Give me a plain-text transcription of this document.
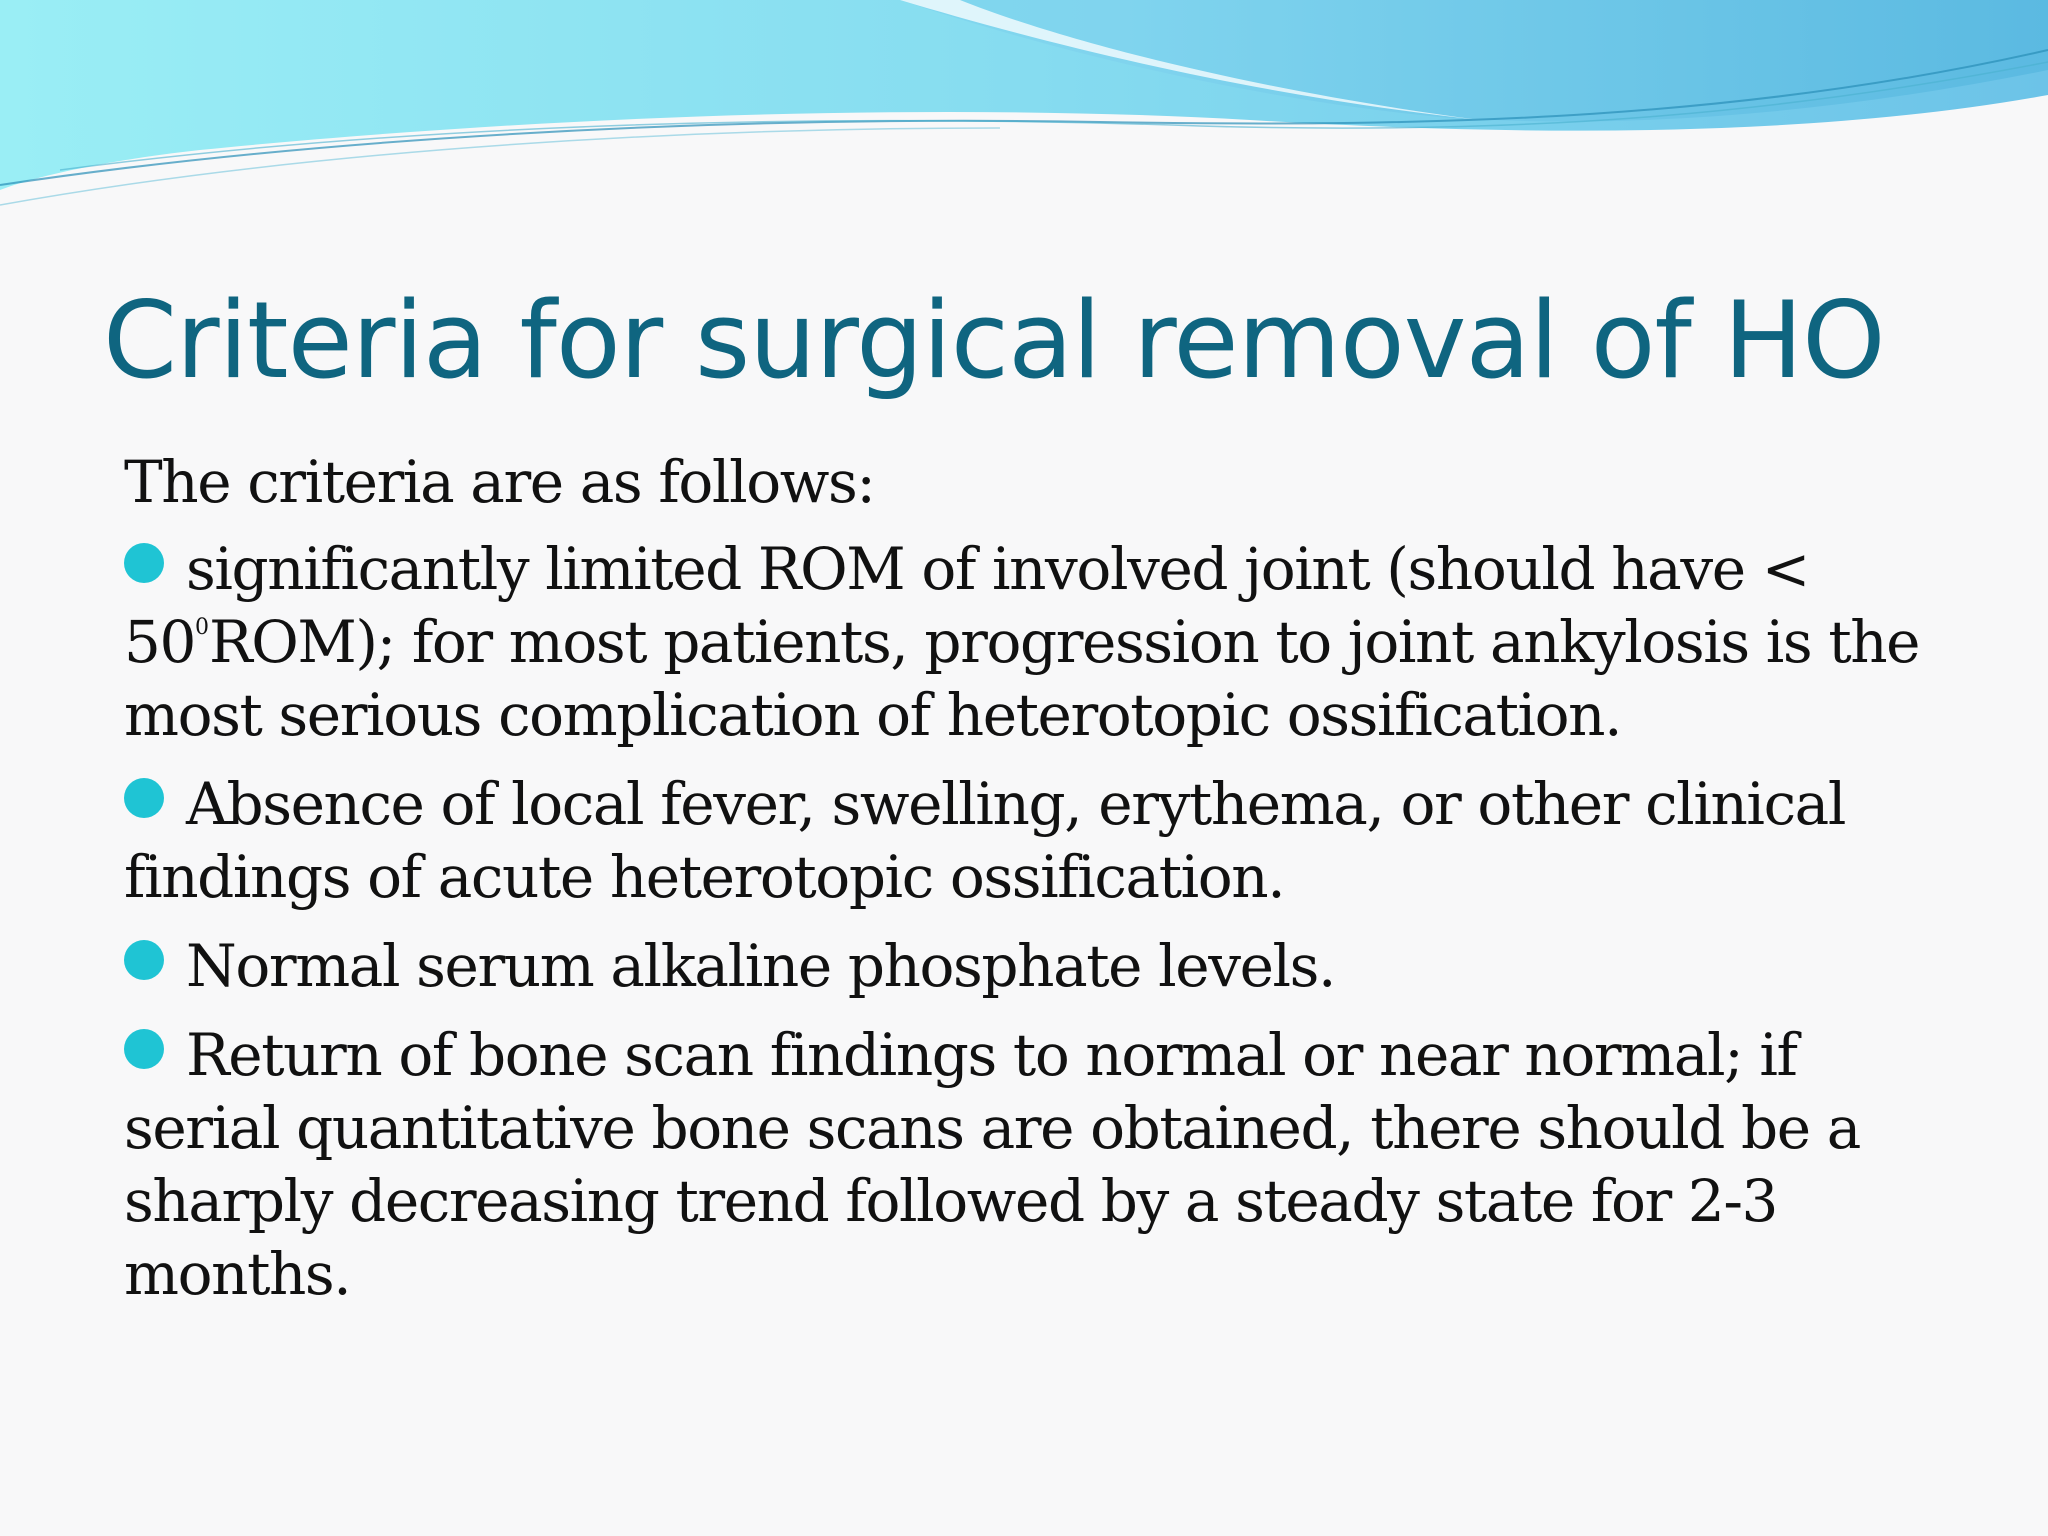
Criteria for surgical removal of HO

The criteria are as follows:

significantly limited ROM of involved joint (should have < $50^0ROM$); for most patients, progression to joint ankylosis is the most serious complication of heterotopic ossification.
Absence of local fever, swelling, erythema, or other clinical findings of acute heterotopic ossification.
Normal serum alkaline phosphate levels.
Return of bone scan findings to normal or near normal; if serial quantitative bone scans are obtained, there should be a sharply decreasing trend followed by a steady state for 2-3 months.
